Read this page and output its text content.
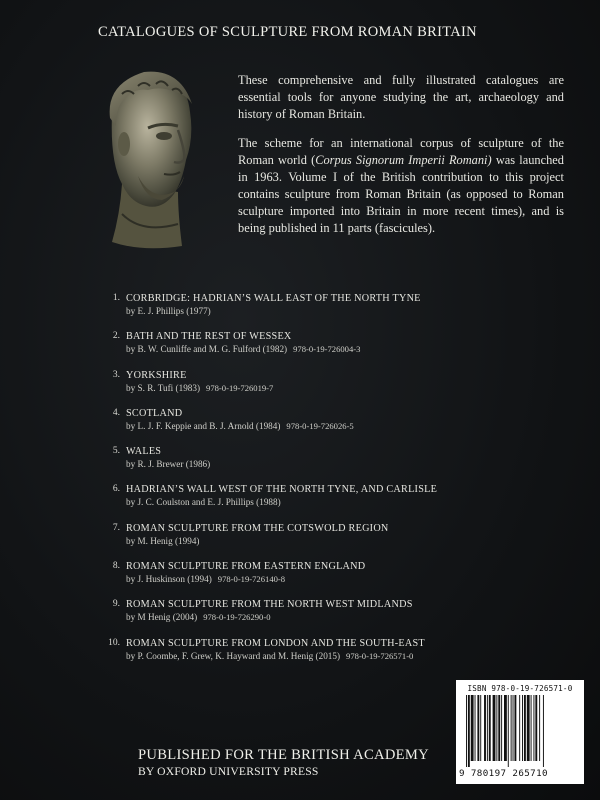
CATALOGUES OF SCULPTURE FROM ROMAN BRITAIN

These comprehensive and fully illustrated catalogues are essential tools for anyone studying the art, archaeology and history of Roman Britain.

The scheme for an international corpus of sculpture of the Roman world (Corpus Signorum Imperii Romani) was launched in 1963. Volume I of the British contribution to this project contains sculpture from Roman Britain (as opposed to Roman sculpture imported into Britain in more recent times), and is being published in 11 parts (fascicules).

1. CORBRIDGE: HADRIAN’S WALL EAST OF THE NORTH TYNE
by E. J. Phillips (1977)
2. BATH AND THE REST OF WESSEX
by B. W. Cunliffe and M. G. Fulford (1982) 978-0-19-726004-3
3. YORKSHIRE
by S. R. Tufi (1983) 978-0-19-726019-7
4. SCOTLAND
by L. J. F. Keppie and B. J. Arnold (1984) 978-0-19-726026-5
5. WALES
by R. J. Brewer (1986)
6. HADRIAN’S WALL WEST OF THE NORTH TYNE, AND CARLISLE
by J. C. Coulston and E. J. Phillips (1988)
7. ROMAN SCULPTURE FROM THE COTSWOLD REGION
by M. Henig (1994)
8. ROMAN SCULPTURE FROM EASTERN ENGLAND
by J. Huskinson (1994) 978-0-19-726140-8
9. ROMAN SCULPTURE FROM THE NORTH WEST MIDLANDS
by M Henig (2004) 978-0-19-726290-0
10. ROMAN SCULPTURE FROM LONDON AND THE SOUTH-EAST
by P. Coombe, F. Grew, K. Hayward and M. Henig (2015) 978-0-19-726571-0
ISBN 978-0-19-726571-0
9 780197 265710
PUBLISHED FOR THE BRITISH ACADEMY
BY OXFORD UNIVERSITY PRESS
